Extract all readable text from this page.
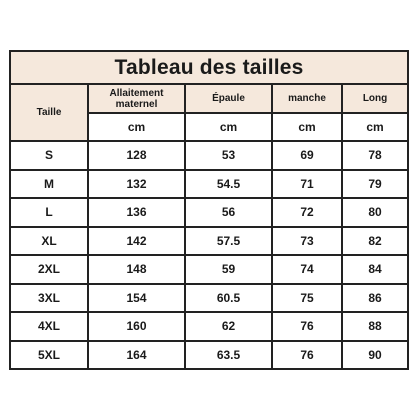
Tableau des tailles				
Taille	Allaitement maternel	Épaule	manche	Long
	cm	cm	cm	cm
S	128	53	69	78
M	132	54.5	71	79
L	136	56	72	80
XL	142	57.5	73	82
2XL	148	59	74	84
3XL	154	60.5	75	86
4XL	160	62	76	88
5XL	164	63.5	76	90
